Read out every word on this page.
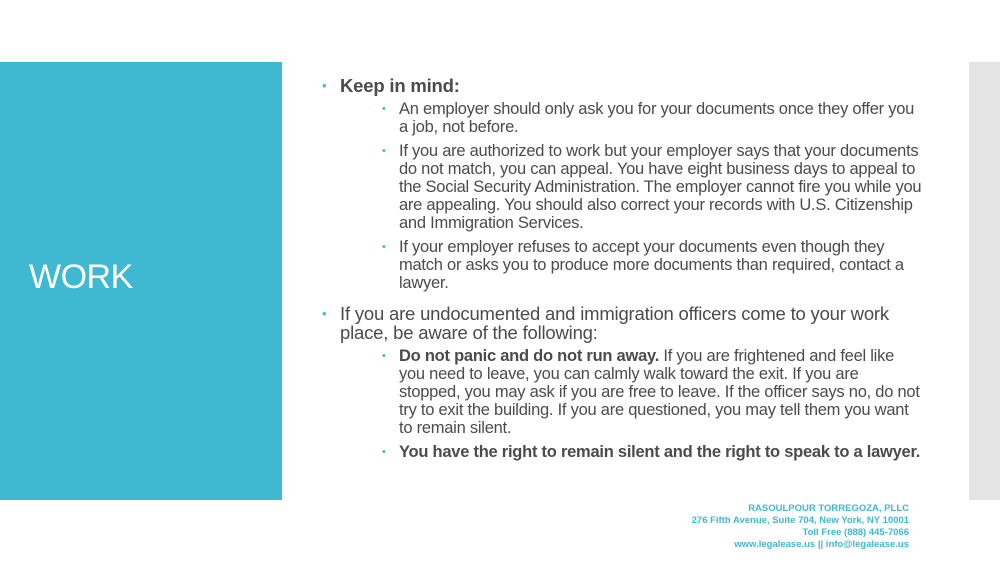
WORK
• Keep in mind:
• An employer should only ask you for your documents once they offer you a job, not before.
• If you are authorized to work but your employer says that your documents do not match, you can appeal. You have eight business days to appeal to the Social Security Administration. The employer cannot fire you while you are appealing. You should also correct your records with U.S. Citizenship and Immigration Services.
• If your employer refuses to accept your documents even though they match or asks you to produce more documents than required, contact a lawyer.
• If you are undocumented and immigration officers come to your work place, be aware of the following:
• Do not panic and do not run away. If you are frightened and feel like you need to leave, you can calmly walk toward the exit. If you are stopped, you may ask if you are free to leave. If the officer says no, do not try to exit the building. If you are questioned, you may tell them you want to remain silent.
• You have the right to remain silent and the right to speak to a lawyer.
RASOULPOUR TORREGOZA, PLLC
276 Fifth Avenue, Suite 704, New York, NY 10001
Toll Free (888) 445-7066
www.legalease.us || info@legalease.us
